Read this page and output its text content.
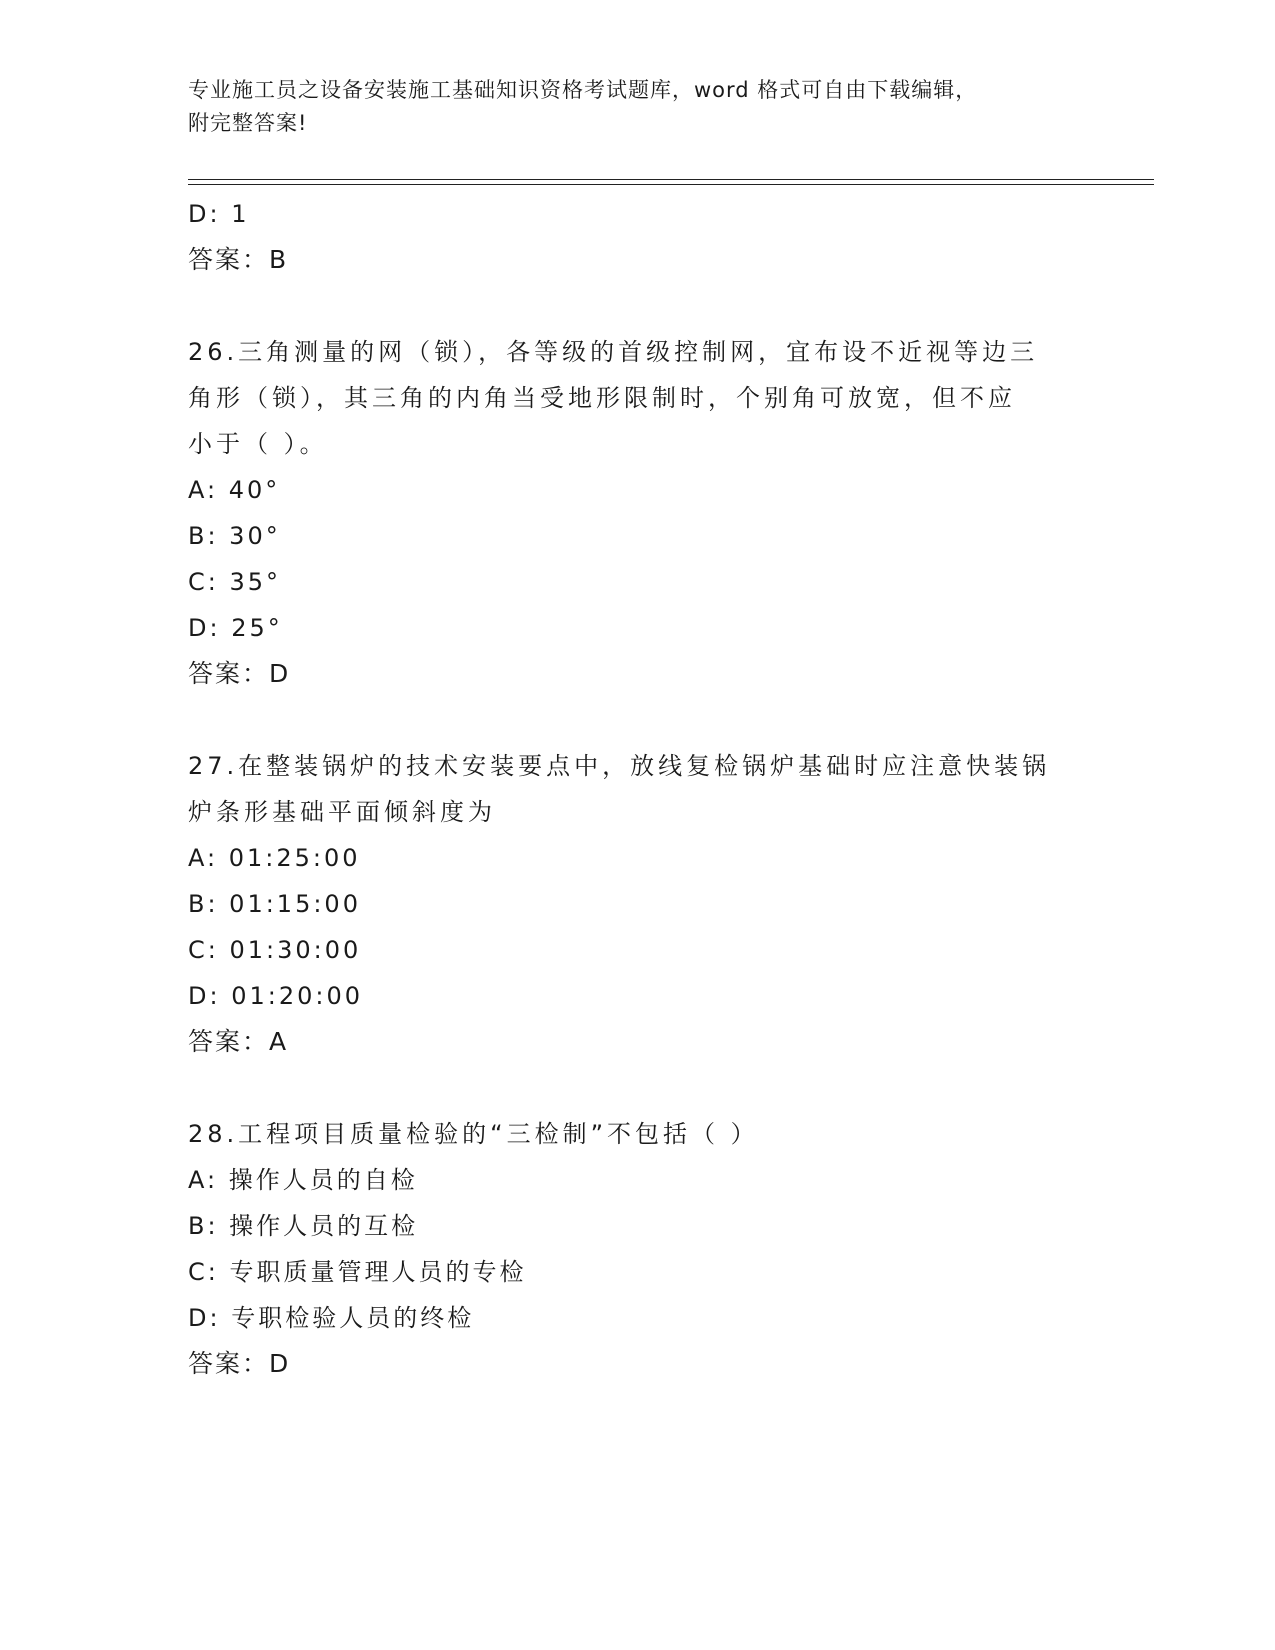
专业施工员之设备安装施工基础知识资格考试题库，word 格式可自由下载编辑，
附完整答案!
D: 1
答案：B
26.三角测量的网（锁），各等级的首级控制网，宜布设不近视等边三
角形（锁），其三角的内角当受地形限制时，个别角可放宽，但不应
小于（ ）。
A: 40°
B: 30°
C: 35°
D: 25°
答案：D
27.在整装锅炉的技术安装要点中，放线复检锅炉基础时应注意快装锅
炉条形基础平面倾斜度为
A: 01:25:00
B: 01:15:00
C: 01:30:00
D: 01:20:00
答案：A
28.工程项目质量检验的“三检制”不包括（ ）
A: 操作人员的自检
B: 操作人员的互检
C: 专职质量管理人员的专检
D: 专职检验人员的终检
答案：D
